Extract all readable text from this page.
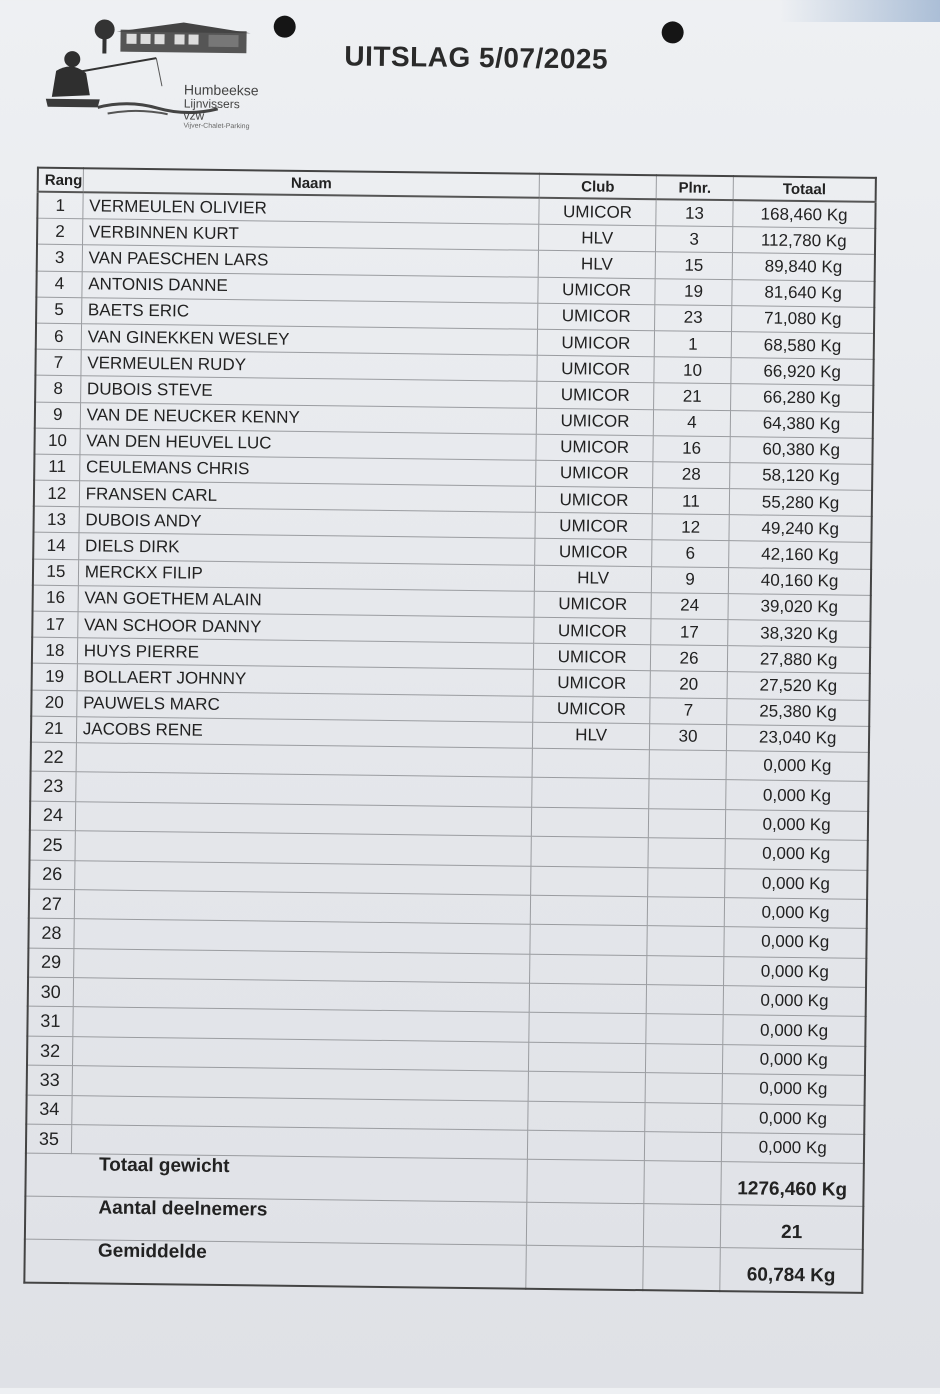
Humbeekse
Lijnvissers vzw
Vijver-Chalet-Parking
UITSLAG 5/07/2025
Rang	Naam	Club	Plnr.	Totaal
1	VERMEULEN OLIVIER	UMICOR	13	168,460 Kg
2	VERBINNEN KURT	HLV	3	112,780 Kg
3	VAN PAESCHEN LARS	HLV	15	89,840 Kg
4	ANTONIS DANNE	UMICOR	19	81,640 Kg
5	BAETS ERIC	UMICOR	23	71,080 Kg
6	VAN GINEKKEN WESLEY	UMICOR	1	68,580 Kg
7	VERMEULEN RUDY	UMICOR	10	66,920 Kg
8	DUBOIS STEVE	UMICOR	21	66,280 Kg
9	VAN DE NEUCKER KENNY	UMICOR	4	64,380 Kg
10	VAN DEN HEUVEL LUC	UMICOR	16	60,380 Kg
11	CEULEMANS CHRIS	UMICOR	28	58,120 Kg
12	FRANSEN CARL	UMICOR	11	55,280 Kg
13	DUBOIS ANDY	UMICOR	12	49,240 Kg
14	DIELS DIRK	UMICOR	6	42,160 Kg
15	MERCKX FILIP	HLV	9	40,160 Kg
16	VAN GOETHEM ALAIN	UMICOR	24	39,020 Kg
17	VAN SCHOOR DANNY	UMICOR	17	38,320 Kg
18	HUYS PIERRE	UMICOR	26	27,880 Kg
19	BOLLAERT JOHNNY	UMICOR	20	27,520 Kg
20	PAUWELS MARC	UMICOR	7	25,380 Kg
21	JACOBS RENE	HLV	30	23,040 Kg
22				0,000 Kg
23				0,000 Kg
24				0,000 Kg
25				0,000 Kg
26				0,000 Kg
27				0,000 Kg
28				0,000 Kg
29				0,000 Kg
30				0,000 Kg
31				0,000 Kg
32				0,000 Kg
33				0,000 Kg
34				0,000 Kg
35				0,000 Kg
	Totaal gewicht			1276,460 Kg
	Aantal deelnemers			21
	Gemiddelde			60,784 Kg
